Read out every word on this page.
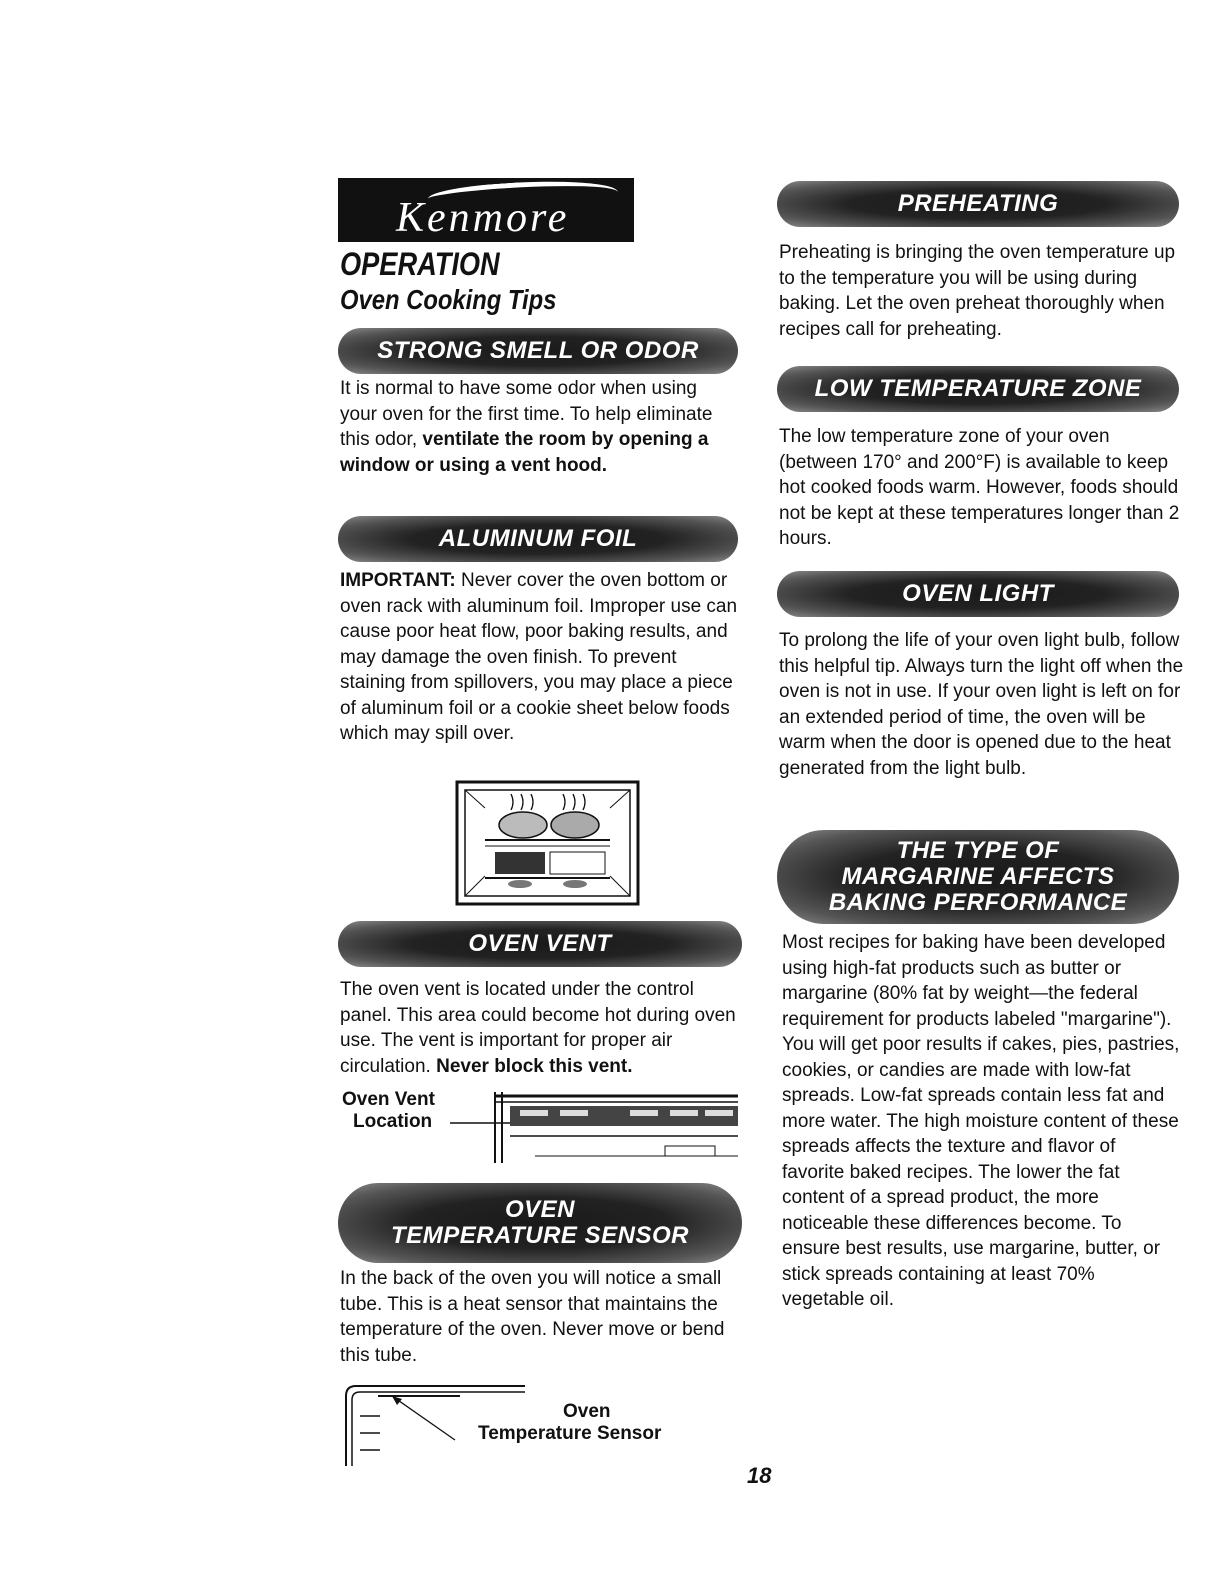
Kenmore
OPERATION
Oven Cooking Tips
STRONG SMELL OR ODOR
It is normal to have some odor when using your oven for the first time. To help eliminate this odor, ventilate the room by opening a window or using a vent hood.
ALUMINUM FOIL
IMPORTANT: Never cover the oven bottom or oven rack with aluminum foil. Improper use can cause poor heat flow, poor baking results, and may damage the oven finish. To prevent staining from spillovers, you may place a piece of aluminum foil or a cookie sheet below foods which may spill over.
OVEN VENT
The oven vent is located under the control panel. This area could become hot during oven use. The vent is important for proper air circulation. Never block this vent.
Oven Vent
Location
OVEN
TEMPERATURE SENSOR
In the back of the oven you will notice a small tube. This is a heat sensor that maintains the temperature of the oven. Never move or bend this tube.
Oven
Temperature Sensor
PREHEATING
Preheating is bringing the oven temperature up to the temperature you will be using during baking. Let the oven preheat thoroughly when recipes call for preheating.
LOW TEMPERATURE ZONE
The low temperature zone of your oven (between 170° and 200°F) is available to keep hot cooked foods warm. However, foods should not be kept at these temperatures longer than 2 hours.
OVEN LIGHT
To prolong the life of your oven light bulb, follow this helpful tip. Always turn the light off when the oven is not in use. If your oven light is left on for an extended period of time, the oven will be warm when the door is opened due to the heat generated from the light bulb.
THE TYPE OF
MARGARINE AFFECTS
BAKING PERFORMANCE
Most recipes for baking have been developed using high-fat products such as butter or margarine (80% fat by weight—the federal requirement for products labeled "margarine"). You will get poor results if cakes, pies, pastries, cookies, or candies are made with low-fat spreads. Low-fat spreads contain less fat and more water. The high moisture content of these spreads affects the texture and flavor of favorite baked recipes. The lower the fat content of a spread product, the more noticeable these differences become. To ensure best results, use margarine, butter, or stick spreads containing at least 70% vegetable oil.
18
